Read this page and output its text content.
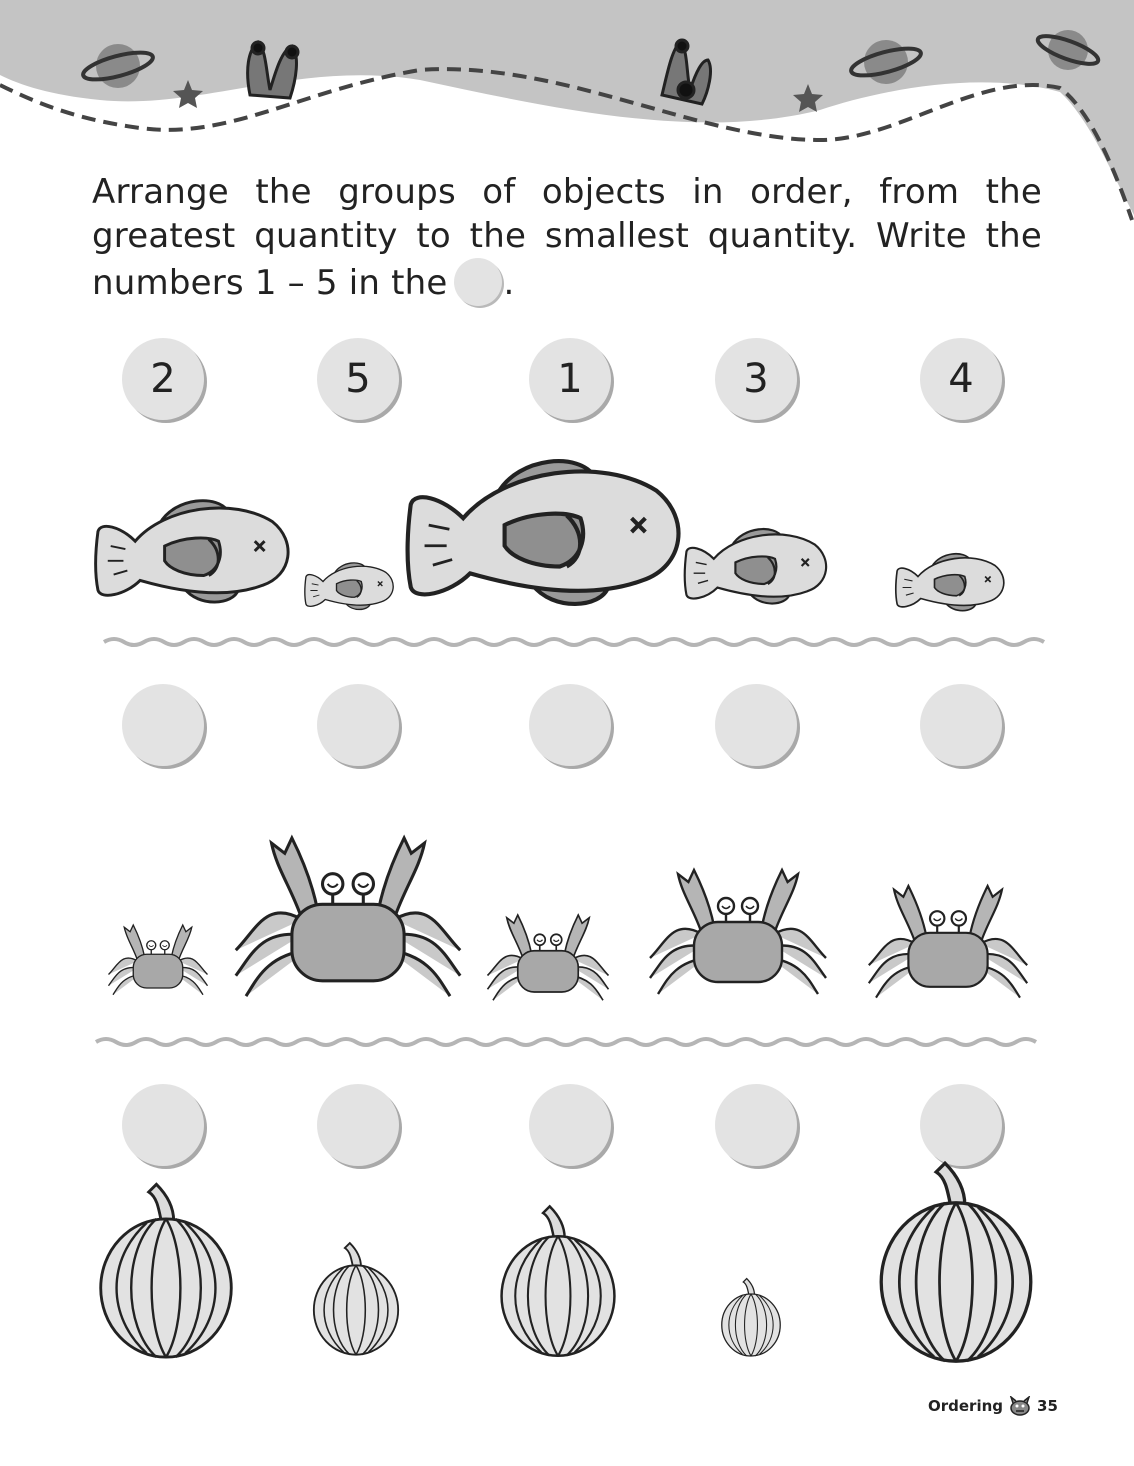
Arrange the groups of objects in order, from the greatest quantity to the smallest quantity. Write the numbers 1 – 5 in the .
2	5	1	3	4
Ordering 35
